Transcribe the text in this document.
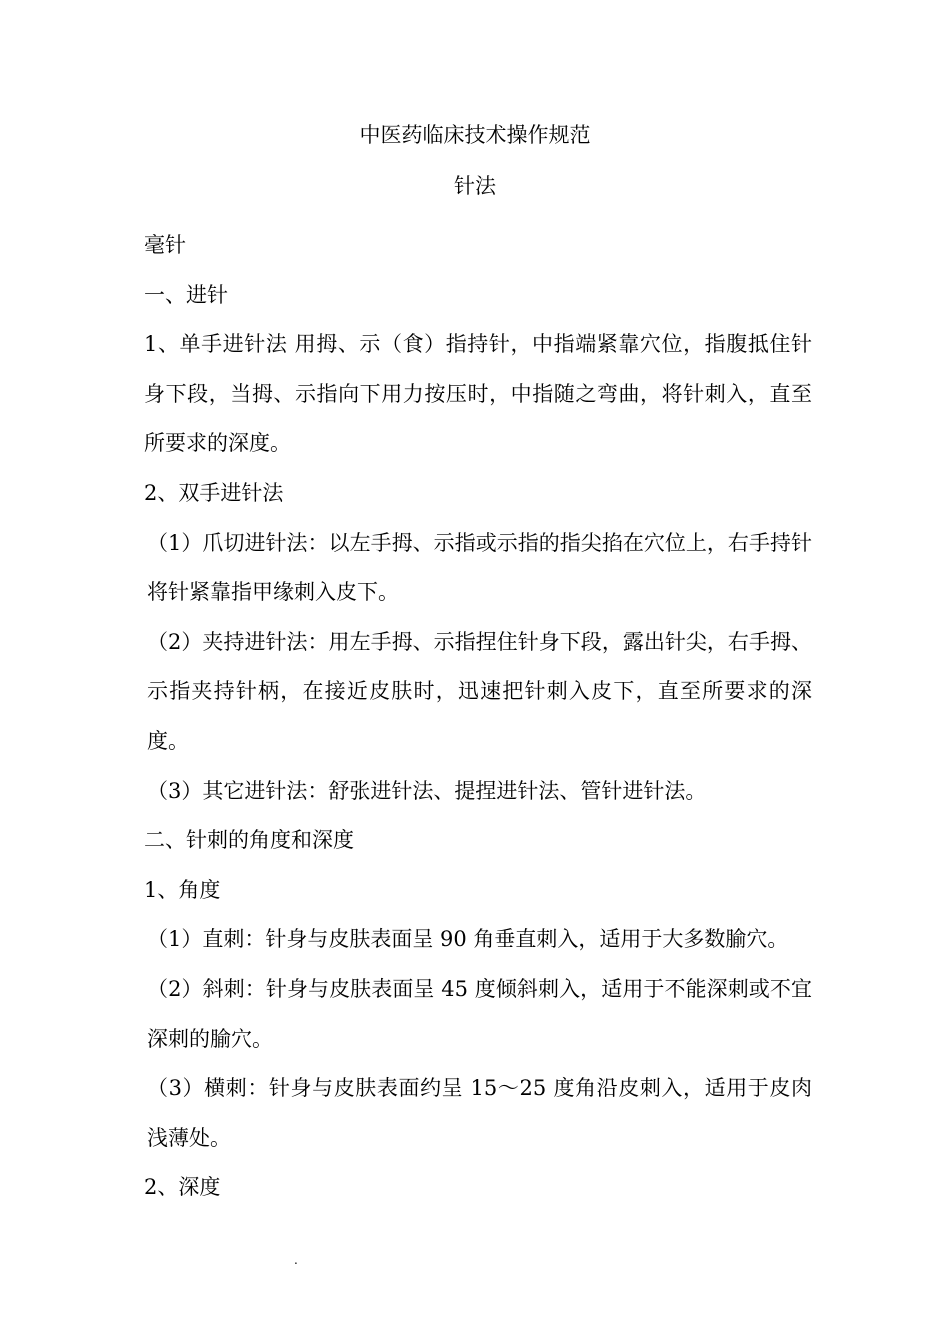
中医药临床技术操作规范
针法

毫针

一、进针

1、单手进针法 用拇、示（食）指持针，中指端紧靠穴位，指腹抵住针身下段，当拇、示指向下用力按压时，中指随之弯曲，将针刺入，直至所要求的深度。

2、双手进针法

（1）爪切进针法：以左手拇、示指或示指的指尖掐在穴位上，右手持针将针紧靠指甲缘刺入皮下。

（2）夹持进针法：用左手拇、示指捏住针身下段，露出针尖，右手拇、示指夹持针柄，在接近皮肤时，迅速把针刺入皮下，直至所要求的深度。

（3）其它进针法：舒张进针法、提捏进针法、管针进针法。

二、针刺的角度和深度

1、角度

（1）直刺：针身与皮肤表面呈 90 角垂直刺入，适用于大多数腧穴。

（2）斜刺：针身与皮肤表面呈 45 度倾斜刺入，适用于不能深刺或不宜深刺的腧穴。

（3）横刺：针身与皮肤表面约呈 15～25 度角沿皮刺入，适用于皮肉浅薄处。

2、深度

.
